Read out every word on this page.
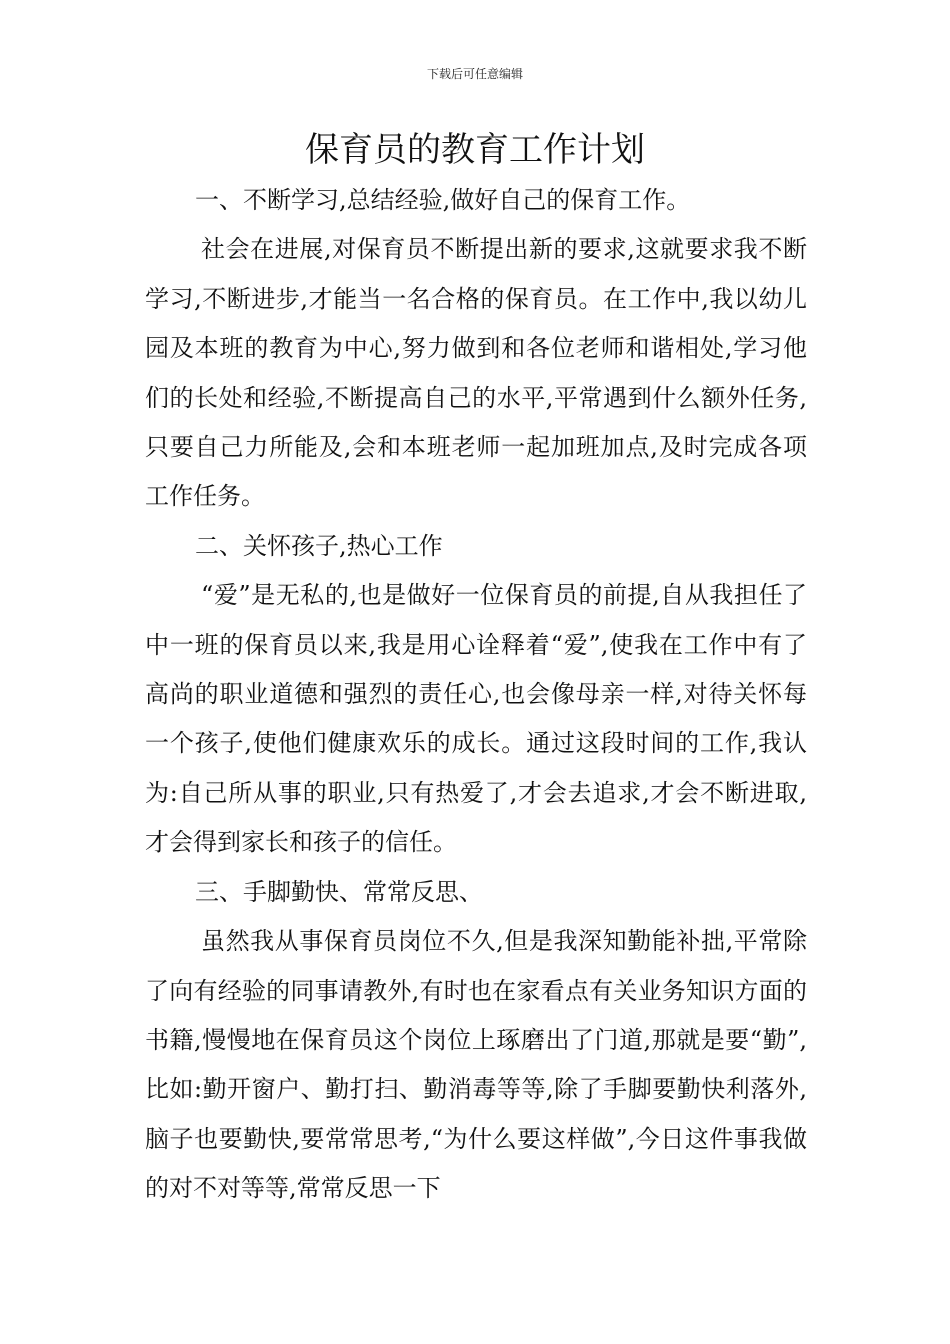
下载后可任意编辑
保育员的教育工作计划

一、不断学习,总结经验,做好自己的保育工作。

社会在进展,对保育员不断提出新的要求,这就要求我不断学习,不断进步,才能当一名合格的保育员。在工作中,我以幼儿园及本班的教育为中心,努力做到和各位老师和谐相处,学习他们的长处和经验,不断提高自己的水平,平常遇到什么额外任务,只要自己力所能及,会和本班老师一起加班加点,及时完成各项工作任务。

二、关怀孩子,热心工作

“爱”是无私的,也是做好一位保育员的前提,自从我担任了中一班的保育员以来,我是用心诠释着“爱”,使我在工作中有了高尚的职业道德和强烈的责任心,也会像母亲一样,对待关怀每一个孩子,使他们健康欢乐的成长。通过这段时间的工作,我认为:自己所从事的职业,只有热爱了,才会去追求,才会不断进取,才会得到家长和孩子的信任。

三、手脚勤快、常常反思、

虽然我从事保育员岗位不久,但是我深知勤能补拙,平常除了向有经验的同事请教外,有时也在家看点有关业务知识方面的书籍,慢慢地在保育员这个岗位上琢磨出了门道,那就是要“勤”,比如:勤开窗户、勤打扫、勤消毒等等,除了手脚要勤快利落外,脑子也要勤快,要常常思考,“为什么要这样做”,今日这件事我做的对不对等等,常常反思一下
